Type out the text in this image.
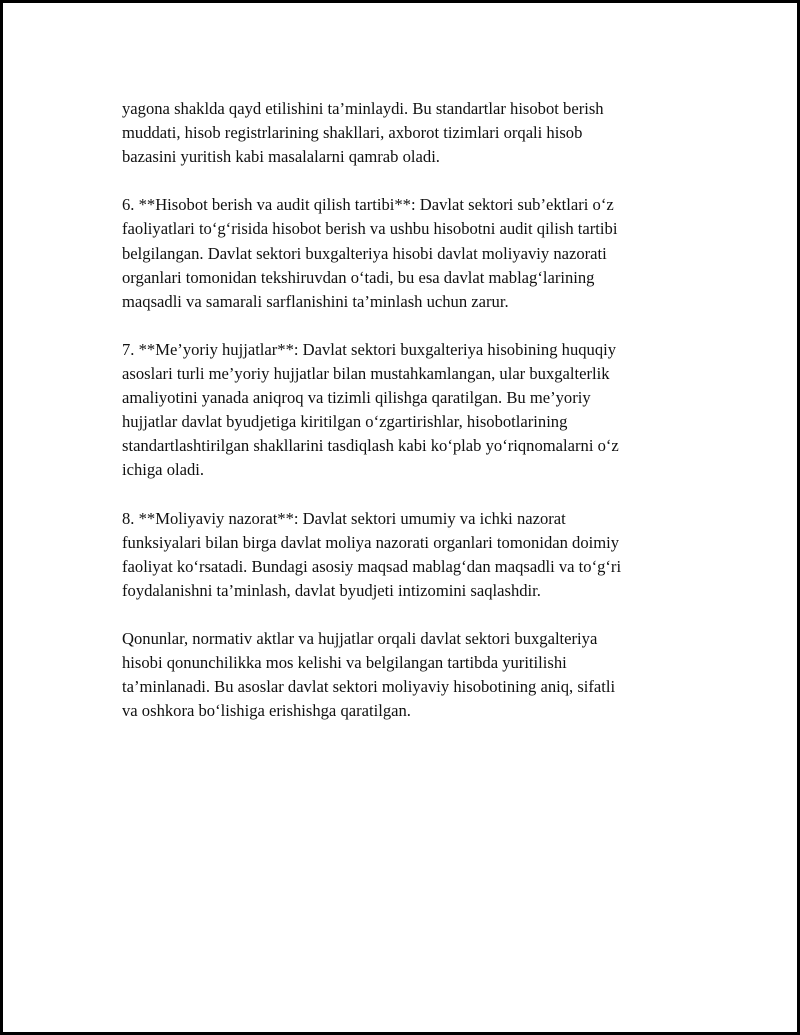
yagona shaklda qayd etilishini ta’minlaydi. Bu standartlar hisobot berish
muddati, hisob registrlarining shakllari, axborot tizimlari orqali hisob
bazasini yuritish kabi masalalarni qamrab oladi.

6. **Hisobot berish va audit qilish tartibi**: Davlat sektori sub’ektlari o‘z
faoliyatlari to‘g‘risida hisobot berish va ushbu hisobotni audit qilish tartibi
belgilangan. Davlat sektori buxgalteriya hisobi davlat moliyaviy nazorati
organlari tomonidan tekshiruvdan o‘tadi, bu esa davlat mablag‘larining
maqsadli va samarali sarflanishini ta’minlash uchun zarur.

7. **Me’yoriy hujjatlar**: Davlat sektori buxgalteriya hisobining huquqiy
asoslari turli me’yoriy hujjatlar bilan mustahkamlangan, ular buxgalterlik
amaliyotini yanada aniqroq va tizimli qilishga qaratilgan. Bu me’yoriy
hujjatlar davlat byudjetiga kiritilgan o‘zgartirishlar, hisobotlarining
standartlashtirilgan shakllarini tasdiqlash kabi ko‘plab yo‘riqnomalarni o‘z
ichiga oladi.

8. **Moliyaviy nazorat**: Davlat sektori umumiy va ichki nazorat
funksiyalari bilan birga davlat moliya nazorati organlari tomonidan doimiy
faoliyat ko‘rsatadi. Bundagi asosiy maqsad mablag‘dan maqsadli va to‘g‘ri
foydalanishni ta’minlash, davlat byudjeti intizomini saqlashdir.

Qonunlar, normativ aktlar va hujjatlar orqali davlat sektori buxgalteriya
hisobi qonunchilikka mos kelishi va belgilangan tartibda yuritilishi
ta’minlanadi. Bu asoslar davlat sektori moliyaviy hisobotining aniq, sifatli
va oshkora bo‘lishiga erishishga qaratilgan.
